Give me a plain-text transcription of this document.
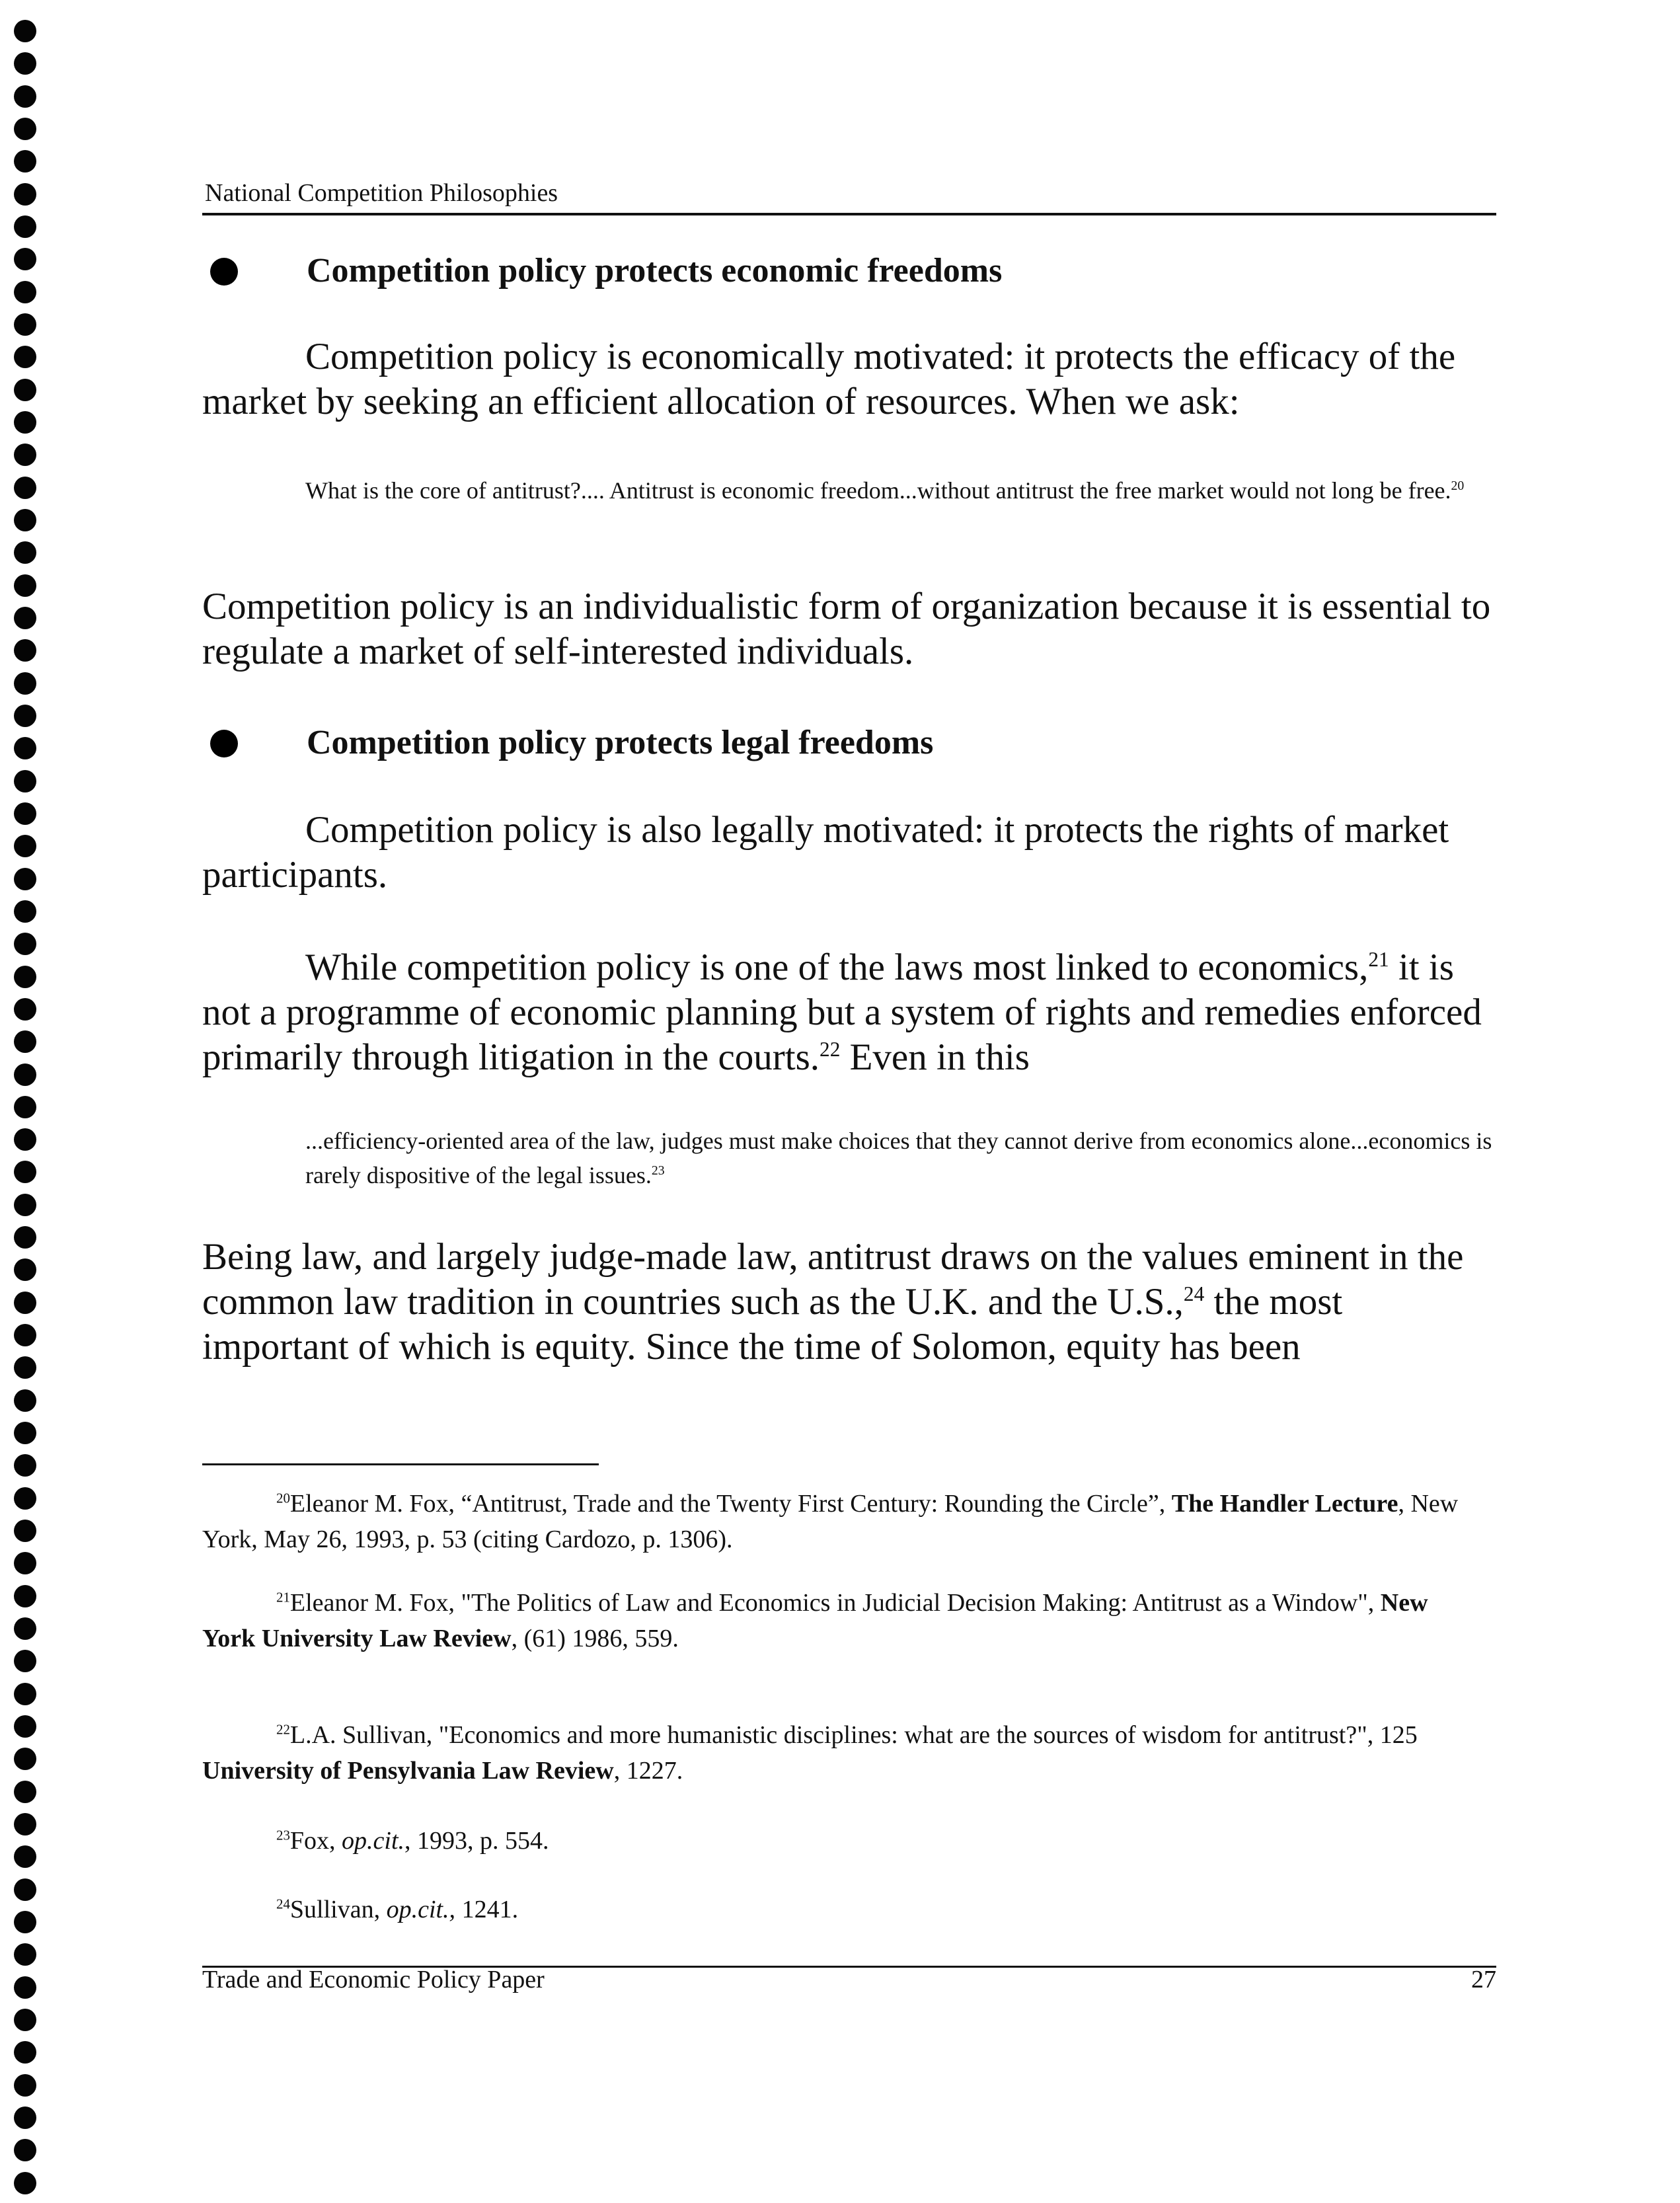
National Competition Philosophies
Competition policy protects economic freedoms

Competition policy is economically motivated: it protects the efficacy of the market by seeking an efficient allocation of resources. When we ask:

What is the core of antitrust?.... Antitrust is economic freedom...without antitrust the free market would not long be free.$^{20}$

Competition policy is an individualistic form of organization because it is essential to regulate a market of self-interested individuals.

Competition policy protects legal freedoms

Competition policy is also legally motivated: it protects the rights of market participants.

While competition policy is one of the laws most linked to economics,$^{21}$ it is not a programme of economic planning but a system of rights and remedies enforced primarily through litigation in the courts.$^{22}$ Even in this

...efficiency-oriented area of the law, judges must make choices that they cannot derive from economics alone...economics is rarely dispositive of the legal issues.$^{23}$

Being law, and largely judge-made law, antitrust draws on the values eminent in the common law tradition in countries such as the U.K. and the U.S.,$^{24}$ the most important of which is equity. Since the time of Solomon, equity has been

$^{20}$Eleanor M. Fox, “Antitrust, Trade and the Twenty First Century: Rounding the Circle”, The Handler Lecture, New York, May 26, 1993, p. 53 (citing Cardozo, p. 1306).

$^{21}$Eleanor M. Fox, "The Politics of Law and Economics in Judicial Decision Making: Antitrust as a Window", New York University Law Review, (61) 1986, 559.

$^{22}$L.A. Sullivan, "Economics and more humanistic disciplines: what are the sources of wisdom for antitrust?", 125 University of Pensylvania Law Review, 1227.

$^{23}$Fox, op.cit., 1993, p. 554.

$^{24}$Sullivan, op.cit., 1241.

Trade and Economic Policy Paper	27
